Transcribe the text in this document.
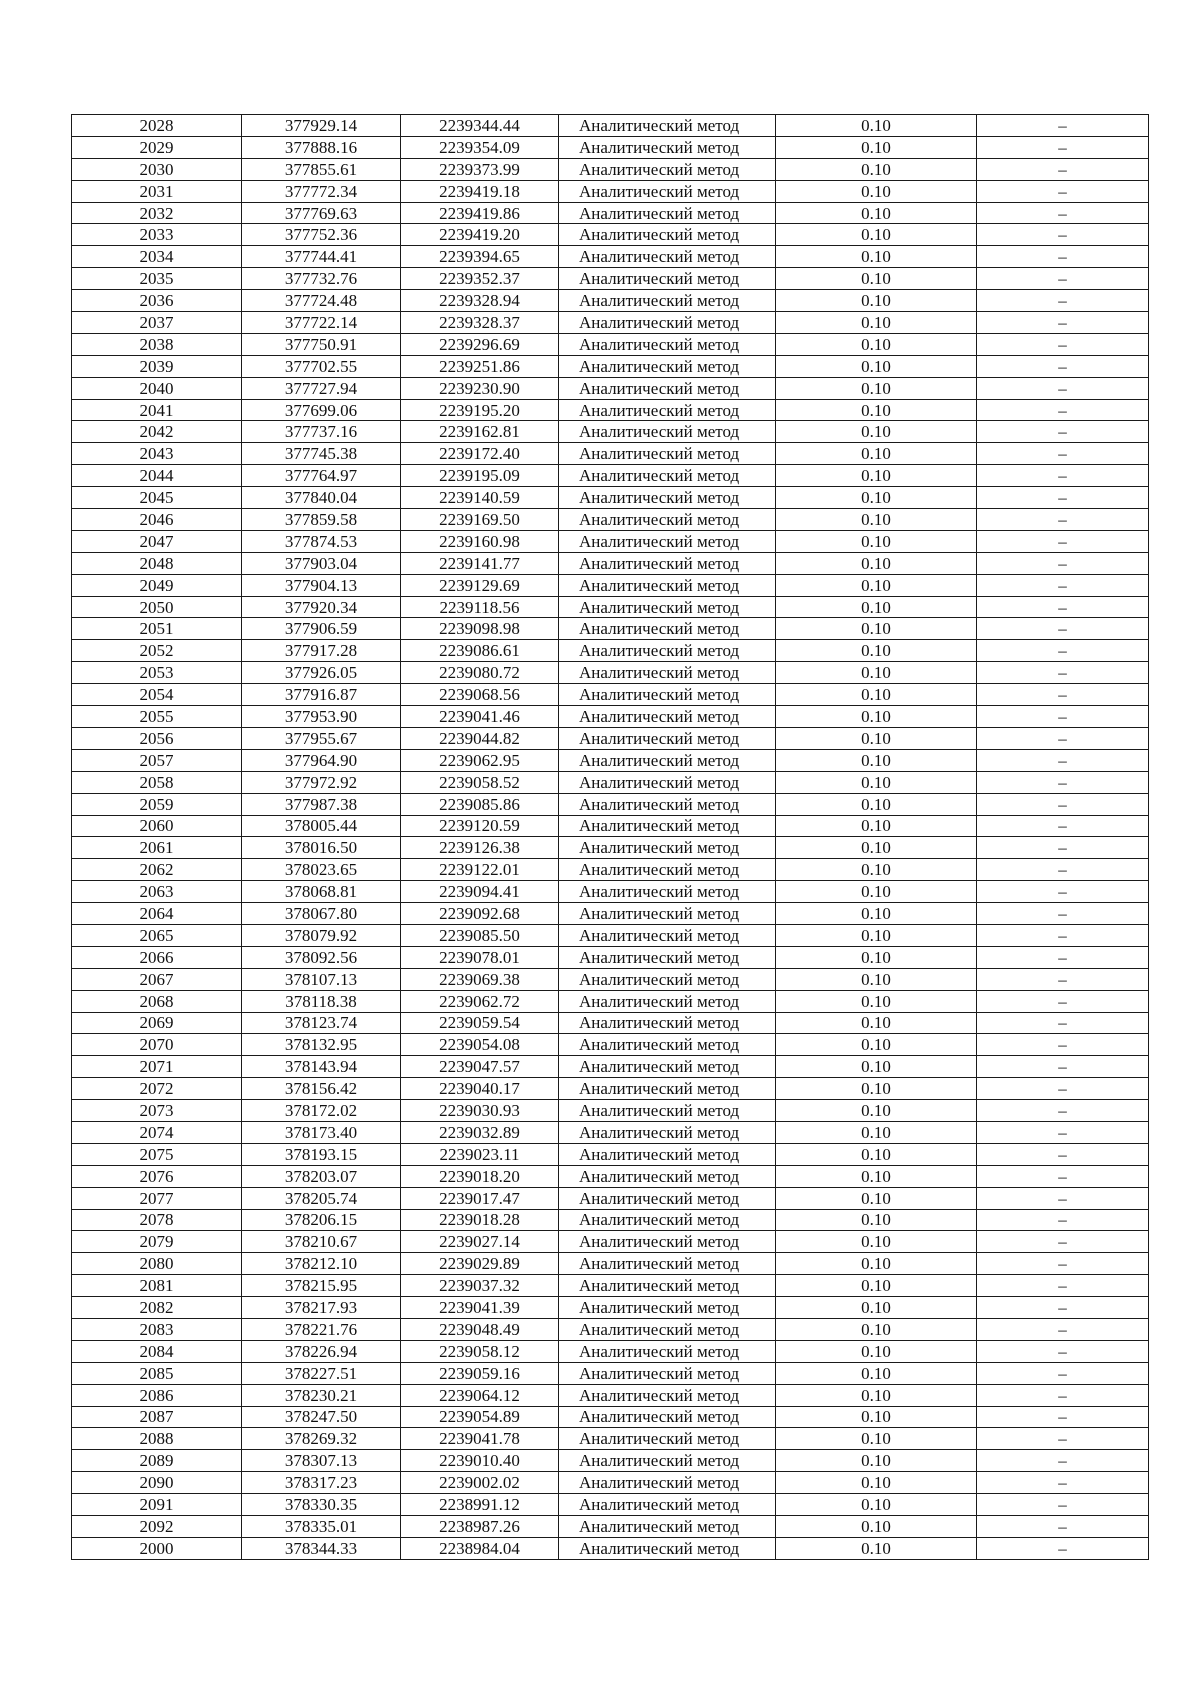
2028	377929.14	2239344.44	Аналитический метод	0.10	–
2029	377888.16	2239354.09	Аналитический метод	0.10	–
2030	377855.61	2239373.99	Аналитический метод	0.10	–
2031	377772.34	2239419.18	Аналитический метод	0.10	–
2032	377769.63	2239419.86	Аналитический метод	0.10	–
2033	377752.36	2239419.20	Аналитический метод	0.10	–
2034	377744.41	2239394.65	Аналитический метод	0.10	–
2035	377732.76	2239352.37	Аналитический метод	0.10	–
2036	377724.48	2239328.94	Аналитический метод	0.10	–
2037	377722.14	2239328.37	Аналитический метод	0.10	–
2038	377750.91	2239296.69	Аналитический метод	0.10	–
2039	377702.55	2239251.86	Аналитический метод	0.10	–
2040	377727.94	2239230.90	Аналитический метод	0.10	–
2041	377699.06	2239195.20	Аналитический метод	0.10	–
2042	377737.16	2239162.81	Аналитический метод	0.10	–
2043	377745.38	2239172.40	Аналитический метод	0.10	–
2044	377764.97	2239195.09	Аналитический метод	0.10	–
2045	377840.04	2239140.59	Аналитический метод	0.10	–
2046	377859.58	2239169.50	Аналитический метод	0.10	–
2047	377874.53	2239160.98	Аналитический метод	0.10	–
2048	377903.04	2239141.77	Аналитический метод	0.10	–
2049	377904.13	2239129.69	Аналитический метод	0.10	–
2050	377920.34	2239118.56	Аналитический метод	0.10	–
2051	377906.59	2239098.98	Аналитический метод	0.10	–
2052	377917.28	2239086.61	Аналитический метод	0.10	–
2053	377926.05	2239080.72	Аналитический метод	0.10	–
2054	377916.87	2239068.56	Аналитический метод	0.10	–
2055	377953.90	2239041.46	Аналитический метод	0.10	–
2056	377955.67	2239044.82	Аналитический метод	0.10	–
2057	377964.90	2239062.95	Аналитический метод	0.10	–
2058	377972.92	2239058.52	Аналитический метод	0.10	–
2059	377987.38	2239085.86	Аналитический метод	0.10	–
2060	378005.44	2239120.59	Аналитический метод	0.10	–
2061	378016.50	2239126.38	Аналитический метод	0.10	–
2062	378023.65	2239122.01	Аналитический метод	0.10	–
2063	378068.81	2239094.41	Аналитический метод	0.10	–
2064	378067.80	2239092.68	Аналитический метод	0.10	–
2065	378079.92	2239085.50	Аналитический метод	0.10	–
2066	378092.56	2239078.01	Аналитический метод	0.10	–
2067	378107.13	2239069.38	Аналитический метод	0.10	–
2068	378118.38	2239062.72	Аналитический метод	0.10	–
2069	378123.74	2239059.54	Аналитический метод	0.10	–
2070	378132.95	2239054.08	Аналитический метод	0.10	–
2071	378143.94	2239047.57	Аналитический метод	0.10	–
2072	378156.42	2239040.17	Аналитический метод	0.10	–
2073	378172.02	2239030.93	Аналитический метод	0.10	–
2074	378173.40	2239032.89	Аналитический метод	0.10	–
2075	378193.15	2239023.11	Аналитический метод	0.10	–
2076	378203.07	2239018.20	Аналитический метод	0.10	–
2077	378205.74	2239017.47	Аналитический метод	0.10	–
2078	378206.15	2239018.28	Аналитический метод	0.10	–
2079	378210.67	2239027.14	Аналитический метод	0.10	–
2080	378212.10	2239029.89	Аналитический метод	0.10	–
2081	378215.95	2239037.32	Аналитический метод	0.10	–
2082	378217.93	2239041.39	Аналитический метод	0.10	–
2083	378221.76	2239048.49	Аналитический метод	0.10	–
2084	378226.94	2239058.12	Аналитический метод	0.10	–
2085	378227.51	2239059.16	Аналитический метод	0.10	–
2086	378230.21	2239064.12	Аналитический метод	0.10	–
2087	378247.50	2239054.89	Аналитический метод	0.10	–
2088	378269.32	2239041.78	Аналитический метод	0.10	–
2089	378307.13	2239010.40	Аналитический метод	0.10	–
2090	378317.23	2239002.02	Аналитический метод	0.10	–
2091	378330.35	2238991.12	Аналитический метод	0.10	–
2092	378335.01	2238987.26	Аналитический метод	0.10	–
2000	378344.33	2238984.04	Аналитический метод	0.10	–
